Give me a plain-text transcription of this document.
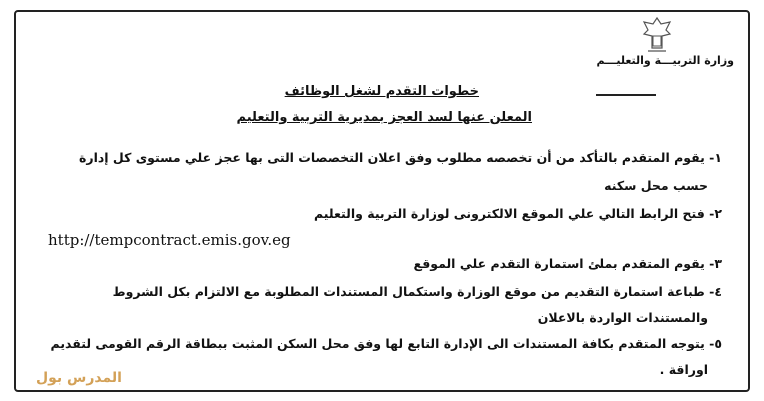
وزارة التربيـــة والتعليـــم
خطوات التقدم لشغل الوظائف
المعلن عنها لسد العجز بمديرية التربية والتعليم
١- يقوم المتقدم بالتأكد من أن تخصصه مطلوب وفق اعلان التخصصات التى بها عجز علي مستوى كل إدارة
حسب محل سكنه
٢- فتح الرابط التالي علي الموقع الالكترونى لوزارة التربية والتعليم
http://tempcontract.emis.gov.eg
٣- يقوم المتقدم بملئ استمارة التقدم علي الموقع
٤- طباعة استمارة التقديم من موقع الوزارة واستكمال المستندات المطلوبة مع الالتزام بكل الشروط
والمستندات الواردة بالاعلان
٥- يتوجه المتقدم بكافة المستندات الى الإدارة التابع لها وفق محل السكن المثبت ببطاقة الرقم القومى لتقديم
اوراقة .
المدرس بول
